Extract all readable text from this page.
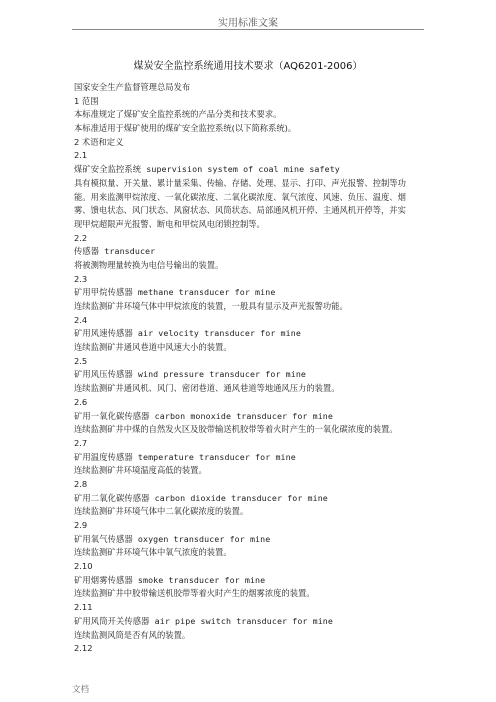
实用标准文案
煤炭安全监控系统通用技术要求（AQ6201-2006）
国家安全生产监督管理总局发布
1 范围
本标准规定了煤矿安全监控系统的产品分类和技术要求。
本标准适用于煤矿使用的煤矿安全监控系统(以下简称系统)。
2 术语和定义
2.1
煤矿安全监控系统 supervision system of coal mine safety
具有模拟量、开关量、累计量采集、传输、存储、处理、显示、打印、声光报警、控制等功
能。用来监测甲烷浓度、一氧化碳浓度、二氧化碳浓度、氧气浓度、风速、负压、温度、烟
雾、馈电状态、风门状态、风窗状态、风筒状态、局部通风机开停、主通风机开停等，并实
现甲烷超限声光报警、断电和甲烷风电闭锁控制等。
2.2
传感器 transducer
将被测物理量转换为电信号输出的装置。
2.3
矿用甲烷传感器 methane transducer for mine
连续监测矿井环境气体中甲烷浓度的装置，一般具有显示及声光报警功能。
2.4
矿用风速传感器 air velocity transducer for mine
连续监测矿井通风巷道中风速大小的装置。
2.5
矿用风压传感器 wind pressure transducer for mine
连续监测矿井通风机、风门、密闭巷道、通风巷道等地通风压力的装置。
2.6
矿用一氧化碳传感器 carbon monoxide transducer for mine
连续监测矿井中煤的自然发火区及胶带输送机胶带等着火时产生的一氧化碳浓度的装置。
2.7
矿用温度传感器 temperature transducer for mine
连续监测矿井环境温度高低的装置。
2.8
矿用二氧化碳传感器 carbon dioxide transducer for mine
连续监测矿井环境气体中二氧化碳浓度的装置。
2.9
矿用氧气传感器 oxygen transducer for mine
连续监测矿井环境气体中氧气浓度的装置。
2.10
矿用烟雾传感器 smoke transducer for mine
连续监测矿井中胶带输送机胶带等着火时产生的烟雾浓度的装置。
2.11
矿用风筒开关传感器 air pipe switch transducer for mine
连续监测风筒是否有风的装置。
2.12
文档
